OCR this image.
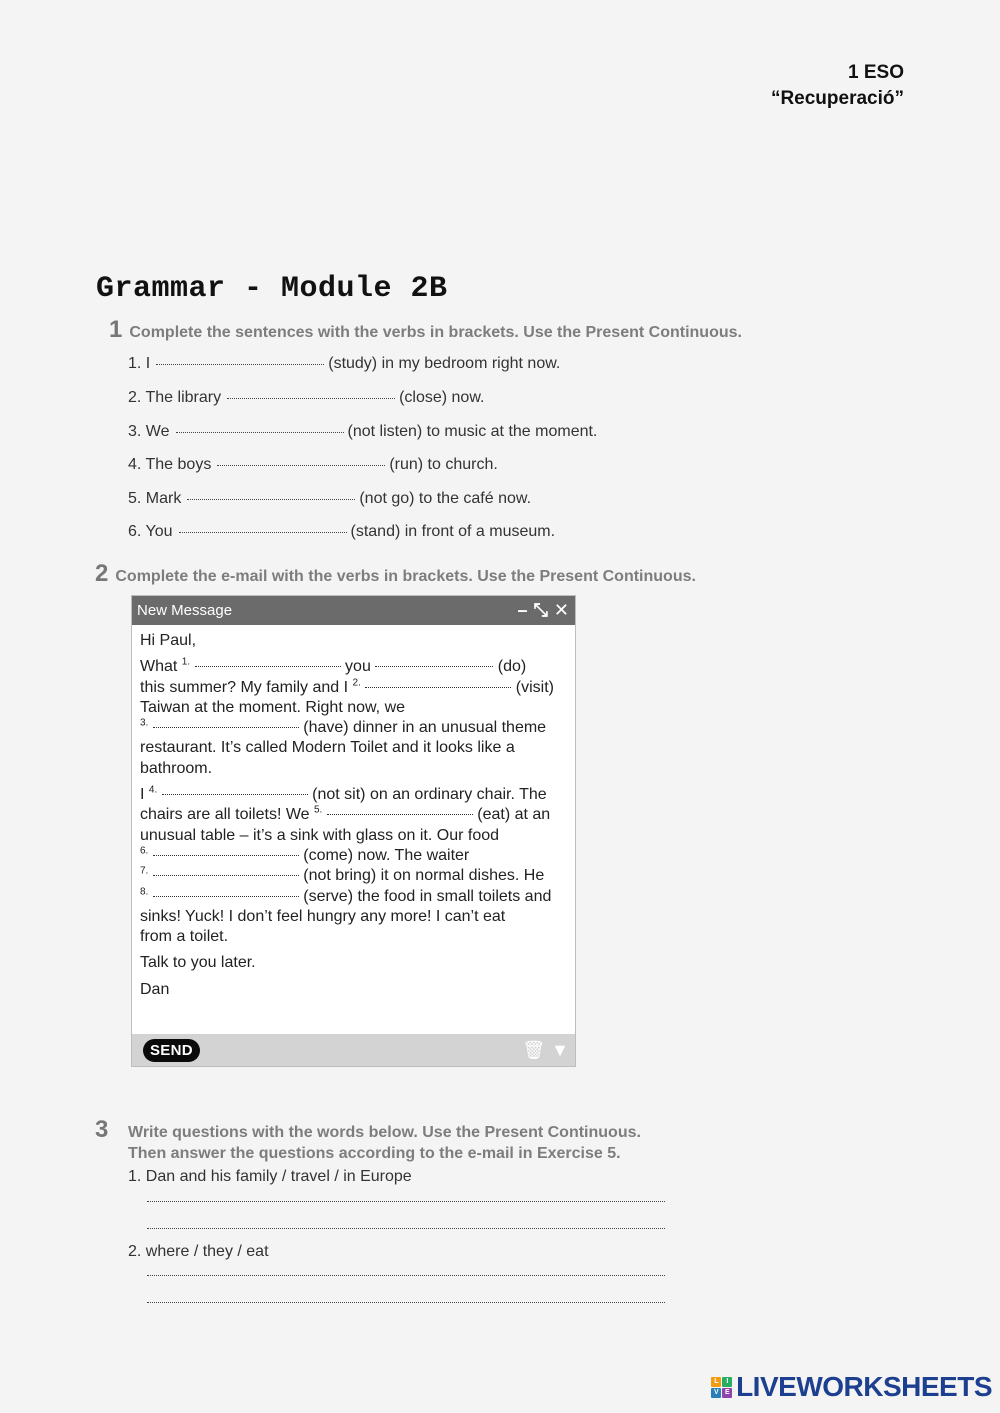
1 ESO
“Recuperació”
Grammar - Module 2B
1 Complete the sentences with the verbs in brackets. Use the Present Continuous.
1. I	(study) in my bedroom right now.
2. The library	(close) now.
3. We	(not listen) to music at the moment.
4. The boys	(run) to church.
5. Mark	(not go) to the café now.
6. You	(stand) in front of a museum.
2 Complete the e-mail with the verbs in brackets. Use the Present Continuous.
New Message	– ⤡ ✕

Hi Paul,

What $^{1.}$	you	(do)
this summer? My family and I $^{2.}$	(visit)
Taiwan at the moment. Right now, we
$^{3.}$	(have) dinner in an unusual theme
restaurant. It’s called Modern Toilet and it looks like a
bathroom.

I $^{4.}$	(not sit) on an ordinary chair. The
chairs are all toilets! We $^{5.}$	(eat) at an
unusual table – it’s a sink with glass on it. Our food
$^{6.}$	(come) now. The waiter
$^{7.}$	(not bring) it on normal dishes. He
$^{8.}$	(serve) the food in small toilets and
sinks! Yuck! I don’t feel hungry any more! I can’t eat
from a toilet.

Talk to you later.

Dan

SEND	🗑 ▼
3 Write questions with the words below. Use the Present Continuous.
Then answer the questions according to the e-mail in Exercise 5.
1. Dan and his family / travel / in Europe
2. where / they / eat
L	I
V E LIVEWORKSHEETS
